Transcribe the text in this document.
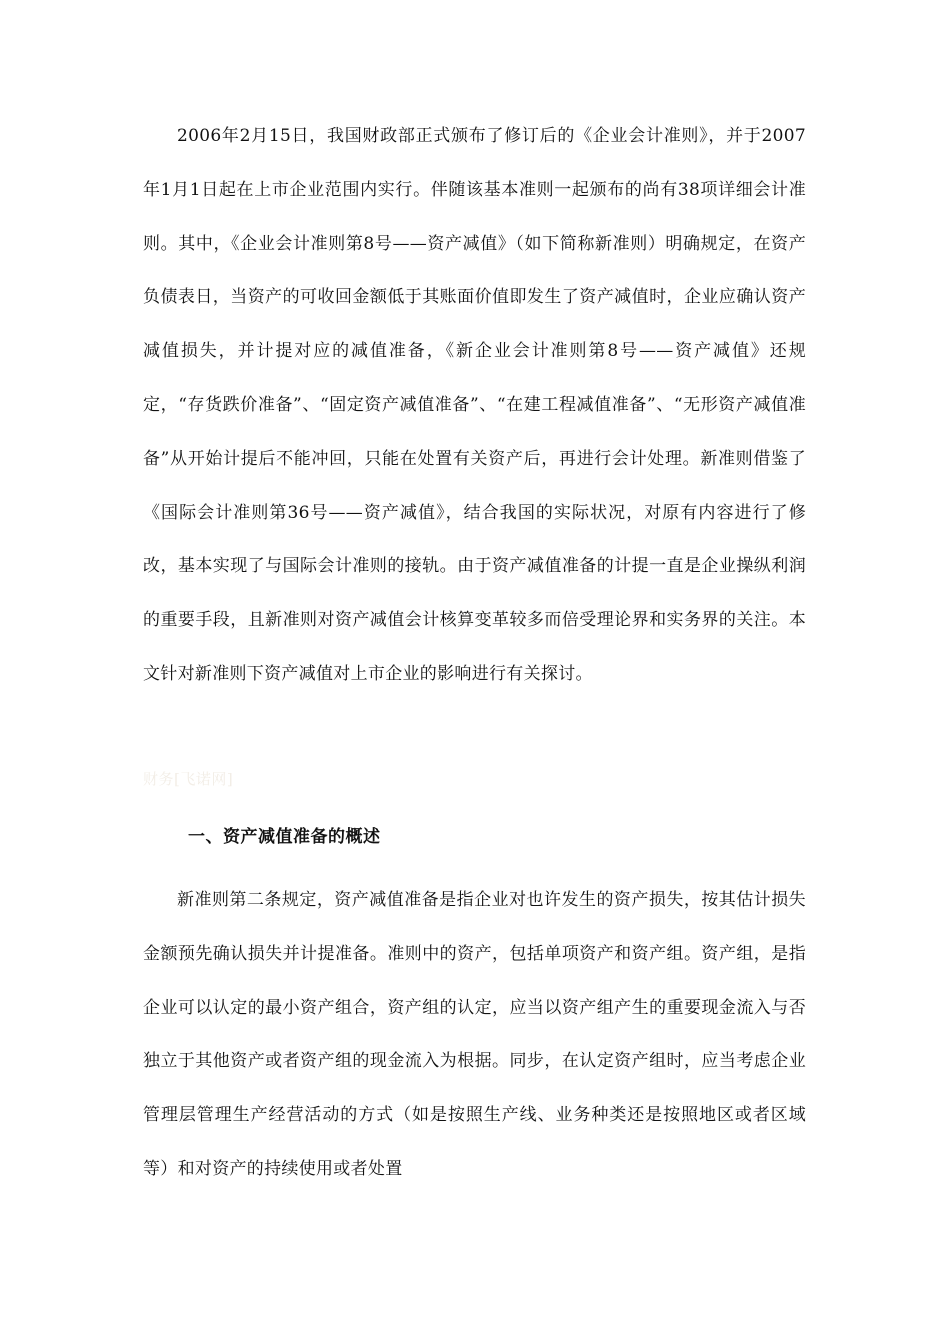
2006年2月15日，我国财政部正式颁布了修订后的《企业会计准则》，并于2007年1月1日起在上市企业范围内实行。伴随该基本准则一起颁布的尚有38项详细会计准则。其中，《企业会计准则第8号——资产减值》（如下简称新准则）明确规定，在资产负债表日，当资产的可收回金额低于其账面价值即发生了资产减值时，企业应确认资产减值损失，并计提对应的减值准备，《新企业会计准则第8号——资产减值》还规定，“存货跌价准备”、“固定资产减值准备”、“在建工程减值准备”、“无形资产减值准备”从开始计提后不能冲回，只能在处置有关资产后，再进行会计处理。新准则借鉴了《国际会计准则第36号——资产减值》，结合我国的实际状况，对原有内容进行了修改，基本实现了与国际会计准则的接轨。由于资产减值准备的计提一直是企业操纵利润的重要手段，且新准则对资产减值会计核算变革较多而倍受理论界和实务界的关注。本文针对新准则下资产减值对上市企业的影响进行有关探讨。

财务[飞诺网]

一、资产减值准备的概述

新准则第二条规定，资产减值准备是指企业对也许发生的资产损失，按其估计损失金额预先确认损失并计提准备。准则中的资产，包括单项资产和资产组。资产组，是指企业可以认定的最小资产组合，资产组的认定，应当以资产组产生的重要现金流入与否独立于其他资产或者资产组的现金流入为根据。同步，在认定资产组时，应当考虑企业管理层管理生产经营活动的方式（如是按照生产线、业务种类还是按照地区或者区域等）和对资产的持续使用或者处置
